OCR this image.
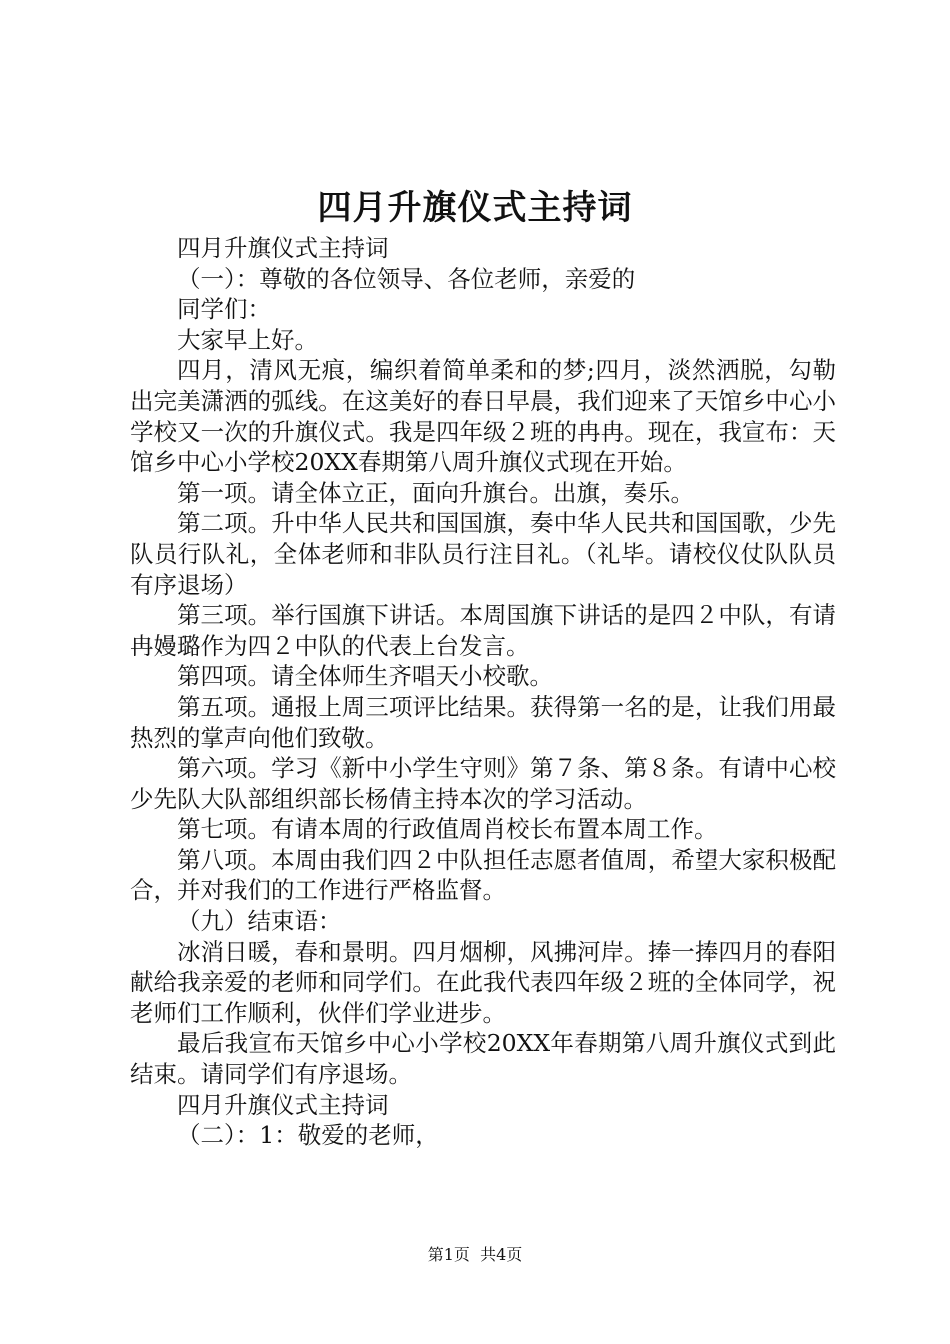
四月升旗仪式主持词

四月升旗仪式主持词

（一）：尊敬的各位领导、各位老师，亲爱的

同学们：

大家早上好。

四月，清风无痕，编织着简单柔和的梦;四月，淡然洒脱，勾勒出完美潇洒的弧线。在这美好的春日早晨，我们迎来了天馆乡中心小学校又一次的升旗仪式。我是四年级２班的冉冉。现在，我宣布：天馆乡中心小学校20XX春期第八周升旗仪式现在开始。

第一项。请全体立正，面向升旗台。出旗，奏乐。

第二项。升中华人民共和国国旗，奏中华人民共和国国歌，少先队员行队礼，全体老师和非队员行注目礼。（礼毕。请校仪仗队队员有序退场）

第三项。举行国旗下讲话。本周国旗下讲话的是四２中队，有请冉嫚璐作为四２中队的代表上台发言。

第四项。请全体师生齐唱天小校歌。

第五项。通报上周三项评比结果。获得第一名的是，让我们用最热烈的掌声向他们致敬。

第六项。学习《新中小学生守则》第７条、第８条。有请中心校少先队大队部组织部长杨倩主持本次的学习活动。

第七项。有请本周的行政值周肖校长布置本周工作。

第八项。本周由我们四２中队担任志愿者值周，希望大家积极配合，并对我们的工作进行严格监督。

（九）结束语：

冰消日暖，春和景明。四月烟柳，风拂河岸。捧一捧四月的春阳献给我亲爱的老师和同学们。在此我代表四年级２班的全体同学，祝老师们工作顺利，伙伴们学业进步。

最后我宣布天馆乡中心小学校20XX年春期第八周升旗仪式到此结束。请同学们有序退场。

四月升旗仪式主持词

（二）：1：敬爱的老师，

第1页 共4页
